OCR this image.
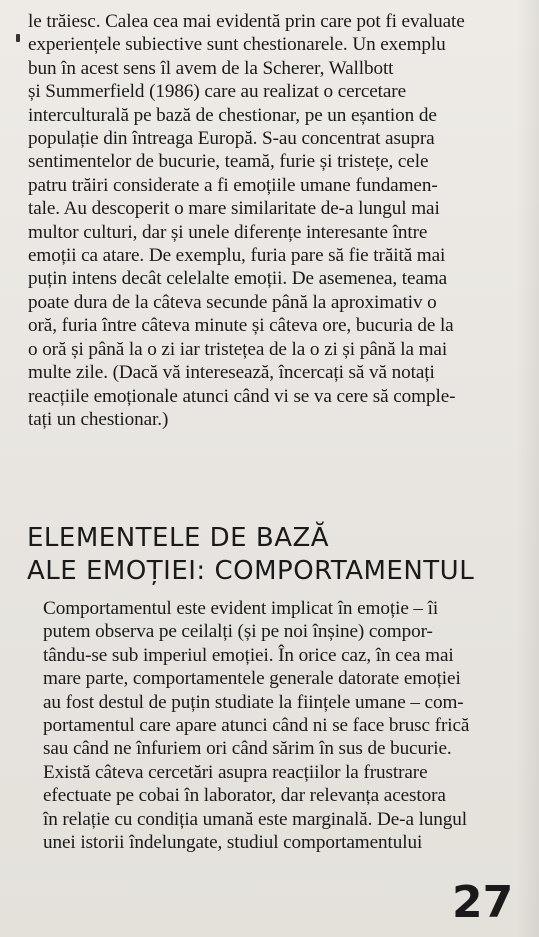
le trăiesc. Calea cea mai evidentă prin care pot fi evaluate
experiențele subiective sunt chestionarele. Un exemplu
bun în acest sens îl avem de la Scherer, Wallbott
și Summerfield (1986) care au realizat o cercetare
interculturală pe bază de chestionar, pe un eșantion de
populație din întreaga Europă. S-au concentrat asupra
sentimentelor de bucurie, teamă, furie și tristețe, cele
patru trăiri considerate a fi emoțiile umane fundamen-
tale. Au descoperit o mare similaritate de-a lungul mai
multor culturi, dar și unele diferențe interesante între
emoții ca atare. De exemplu, furia pare să fie trăită mai
puțin intens decât celelalte emoții. De asemenea, teama
poate dura de la câteva secunde până la aproximativ o
oră, furia între câteva minute și câteva ore, bucuria de la
o oră și până la o zi iar tristețea de la o zi și până la mai
multe zile. (Dacă vă interesează, încercați să vă notați
reacțiile emoționale atunci când vi se va cere să comple-
tați un chestionar.)
ELEMENTELE DE BAZĂ
ALE EMOȚIEI: COMPORTAMENTUL
Comportamentul este evident implicat în emoție – îi
putem observa pe ceilalți (și pe noi înșine) compor-
tându-se sub imperiul emoției. În orice caz, în cea mai
mare parte, comportamentele generale datorate emoției
au fost destul de puțin studiate la ființele umane – com-
portamentul care apare atunci când ni se face brusc frică
sau când ne înfuriem ori când sărim în sus de bucurie.
Există câteva cercetări asupra reacțiilor la frustrare
efectuate pe cobai în laborator, dar relevanța acestora
în relație cu condiția umană este marginală. De-a lungul
unei istorii îndelungate, studiul comportamentului
27
